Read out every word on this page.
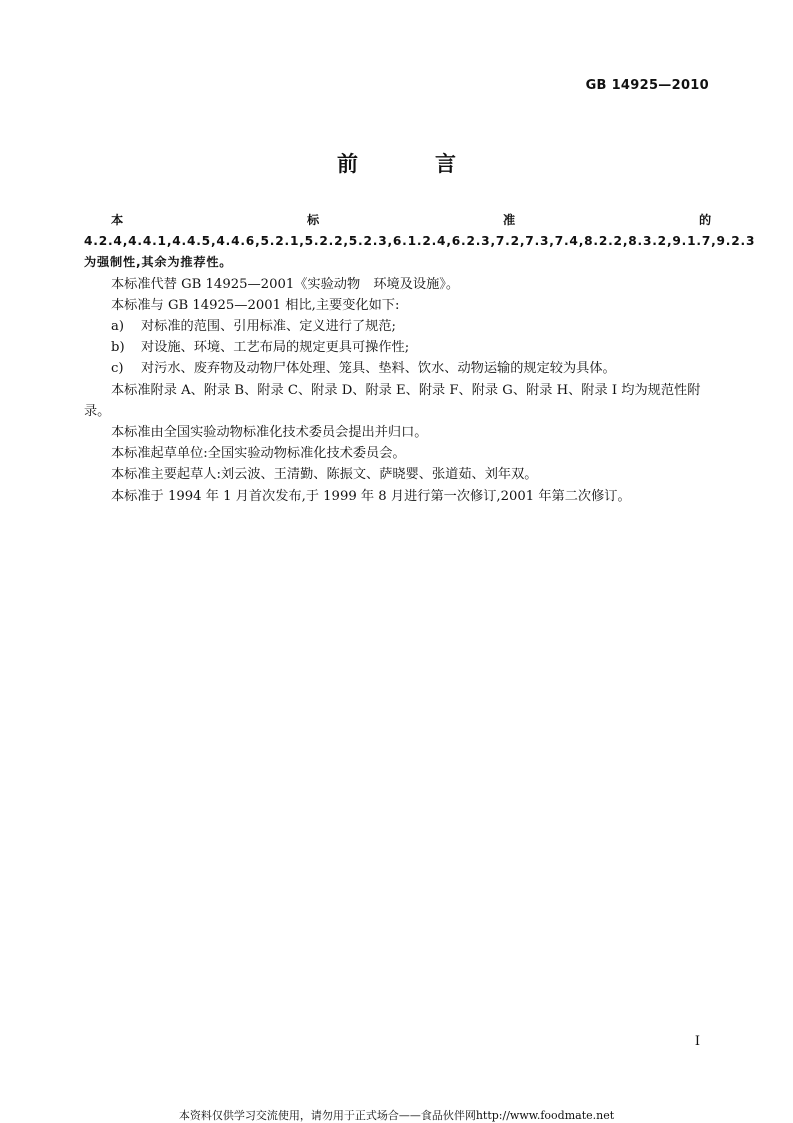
GB 14925—2010
前　言

本标准的 4.2.4,4.4.1,4.4.5,4.4.6,5.2.1,5.2.2,5.2.3,6.1.2.4,6.2.3,7.2,7.3,7.4,8.2.2,8.3.2,9.1.7,9.2.3 为强制性,其余为推荐性。

本标准代替 GB 14925—2001《实验动物　环境及设施》。

本标准与 GB 14925—2001 相比,主要变化如下:

a) 对标准的范围、引用标准、定义进行了规范;

b) 对设施、环境、工艺布局的规定更具可操作性;

c) 对污水、废弃物及动物尸体处理、笼具、垫料、饮水、动物运输的规定较为具体。

本标准附录 A、附录 B、附录 C、附录 D、附录 E、附录 F、附录 G、附录 H、附录 I 均为规范性附录。

本标准由全国实验动物标准化技术委员会提出并归口。

本标准起草单位:全国实验动物标准化技术委员会。

本标准主要起草人:刘云波、王清勤、陈振文、萨晓婴、张道茹、刘年双。

本标准于 1994 年 1 月首次发布,于 1999 年 8 月进行第一次修订,2001 年第二次修订。

I
本资料仅供学习交流使用，请勿用于正式场合——食品伙伴网http://www.foodmate.net
